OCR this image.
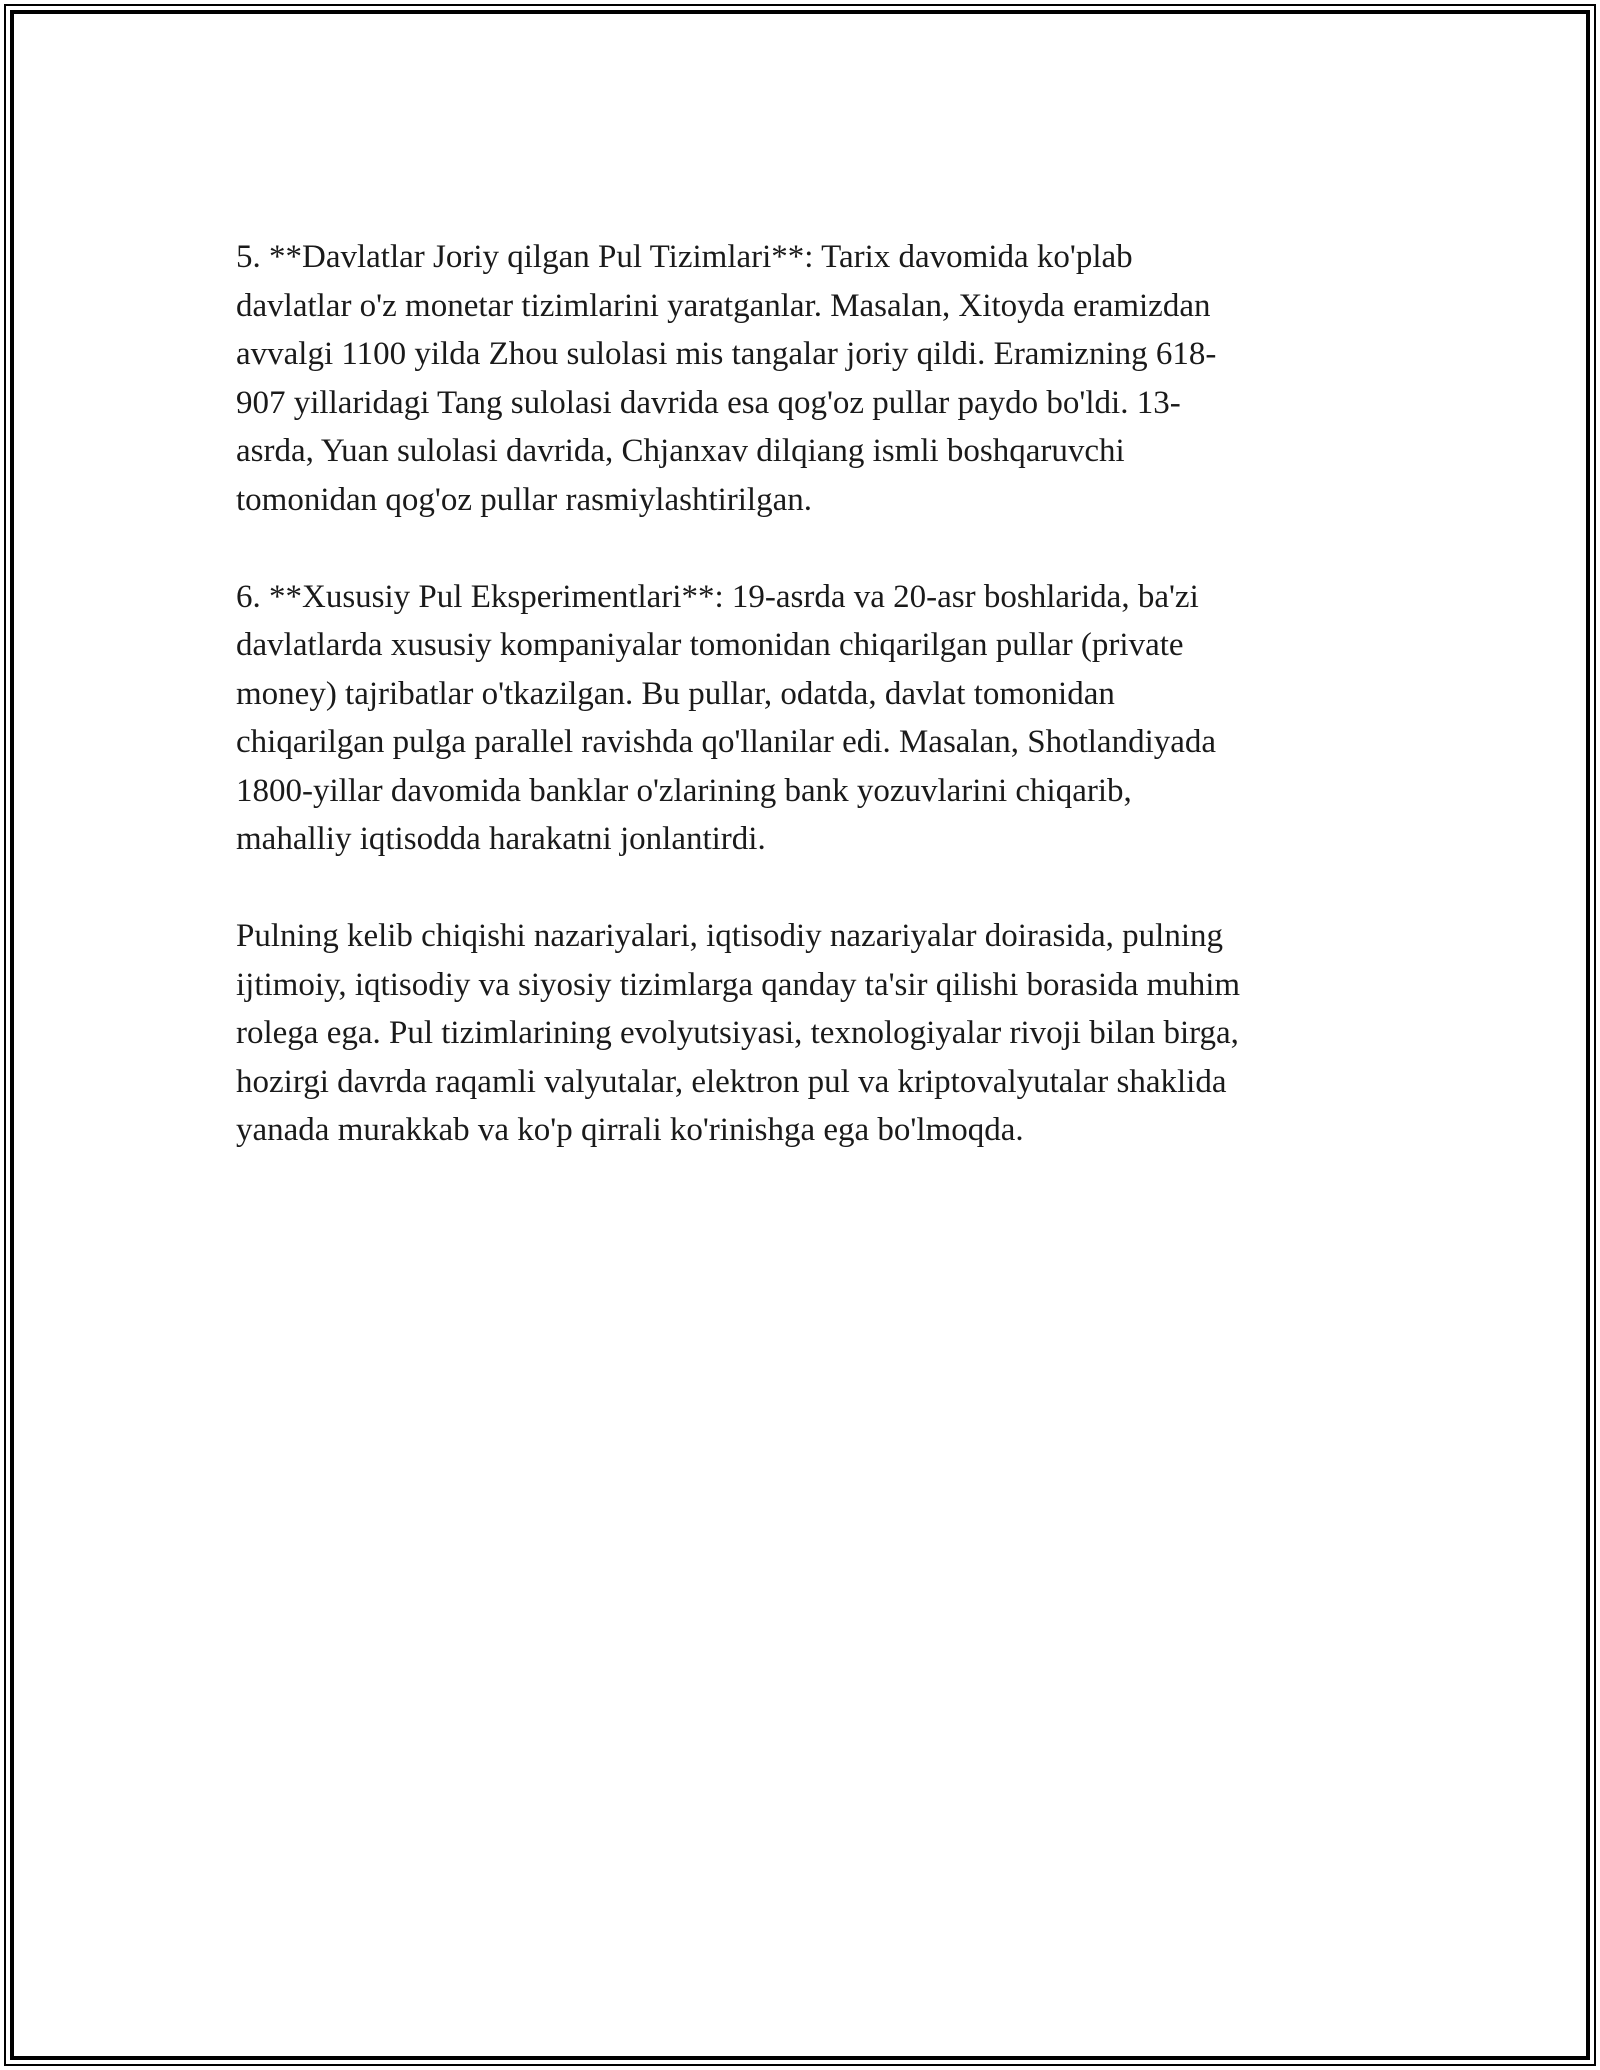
5. **Davlatlar Joriy qilgan Pul Tizimlari**: Tarix davomida ko'plab
davlatlar o'z monetar tizimlarini yaratganlar. Masalan, Xitoyda eramizdan
avvalgi 1100 yilda Zhou sulolasi mis tangalar joriy qildi. Eramizning 618-
907 yillaridagi Tang sulolasi davrida esa qog'oz pullar paydo bo'ldi. 13-
asrda, Yuan sulolasi davrida, Chjanxav dilqiang ismli boshqaruvchi
tomonidan qog'oz pullar rasmiylashtirilgan.

6. **Xususiy Pul Eksperimentlari**: 19-asrda va 20-asr boshlarida, ba'zi
davlatlarda xususiy kompaniyalar tomonidan chiqarilgan pullar (private
money) tajribatlar o'tkazilgan. Bu pullar, odatda, davlat tomonidan
chiqarilgan pulga parallel ravishda qo'llanilar edi. Masalan, Shotlandiyada
1800-yillar davomida banklar o'zlarining bank yozuvlarini chiqarib,
mahalliy iqtisodda harakatni jonlantirdi.

Pulning kelib chiqishi nazariyalari, iqtisodiy nazariyalar doirasida, pulning
ijtimoiy, iqtisodiy va siyosiy tizimlarga qanday ta'sir qilishi borasida muhim
rolega ega. Pul tizimlarining evolyutsiyasi, texnologiyalar rivoji bilan birga,
hozirgi davrda raqamli valyutalar, elektron pul va kriptovalyutalar shaklida
yanada murakkab va ko'p qirrali ko'rinishga ega bo'lmoqda.
